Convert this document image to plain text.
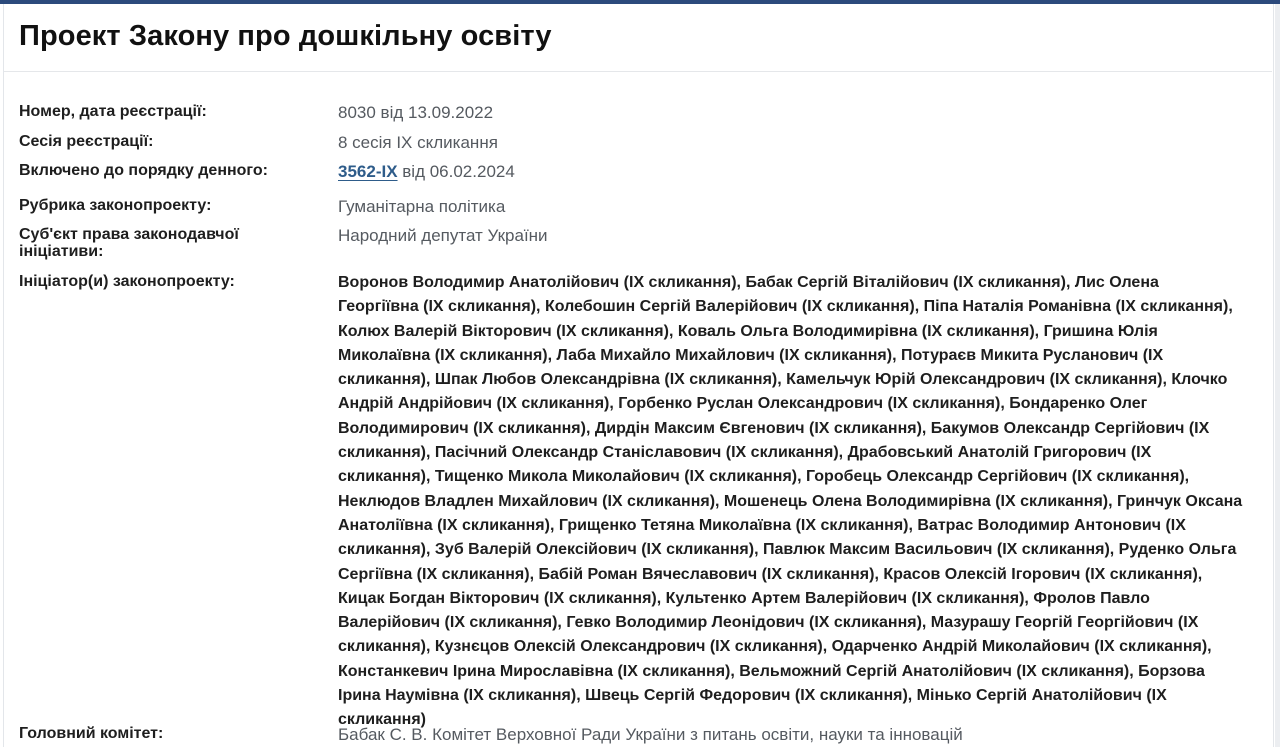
Проект Закону про дошкільну освіту
Номер, дата реєстрації:	8030 від 13.09.2022
Сесія реєстрації:	8 сесія IX скликання
Включено до порядку денного:	3562-IX від 06.02.2024
Рубрика законопроекту:	Гуманітарна політика
Суб'єкт права законодавчої ініціативи:
Народний депутат України
Ініціатор(и) законопроекту:	Воронов Володимир Анатолійович (IX скликання), Бабак Сергій Віталійович (IX скликання), Лис Олена Георгіївна (IX скликання), Колебошин Сергій Валерійович (IX скликання), Піпа Наталія Романівна (IX скликання), Колюх Валерій Вікторович (IX скликання), Коваль Ольга Володимирівна (IX скликання), Гришина Юлія Миколаївна (IX скликання), Лаба Михайло Михайлович (IX скликання), Потураєв Микита Русланович (IX скликання), Шпак Любов Олександрівна (IX скликання), Камельчук Юрій Олександрович (IX скликання), Клочко Андрій Андрійович (IX скликання), Горбенко Руслан Олександрович (IX скликання), Бондаренко Олег Володимирович (IX скликання), Дирдін Максим Євгенович (IX скликання), Бакумов Олександр Сергійович (IX скликання), Пасічний Олександр Станіславович (IX скликання), Драбовський Анатолій Григорович (IX скликання), Тищенко Микола Миколайович (IX скликання), Горобець Олександр Сергійович (IX скликання), Неклюдов Владлен Михайлович (IX скликання), Мошенець Олена Володимирівна (IX скликання), Гринчук Оксана Анатоліївна (IX скликання), Грищенко Тетяна Миколаївна (IX скликання), Ватрас Володимир Антонович (IX скликання), Зуб Валерій Олексійович (IX скликання), Павлюк Максим Васильович (IX скликання), Руденко Ольга Сергіївна (IX скликання), Бабій Роман Вячеславович (IX скликання), Красов Олексій Ігорович (IX скликання), Кицак Богдан Вікторович (IX скликання), Культенко Артем Валерійович (IX скликання), Фролов Павло Валерійович (IX скликання), Гевко Володимир Леонідович (IX скликання), Мазурашу Георгій Георгійович (IX скликання), Кузнєцов Олексій Олександрович (IX скликання), Одарченко Андрій Миколайович (IX скликання), Констанкевич Ірина Мирославівна (IX скликання), Вельможний Сергій Анатолійович (IX скликання), Борзова Ірина Наумівна (IX скликання), Швець Сергій Федорович (IX скликання), Мінько Сергій Анатолійович (IX скликання)
Головний комітет:	Бабак С. В. Комітет Верховної Ради України з питань освіти, науки та інновацій
